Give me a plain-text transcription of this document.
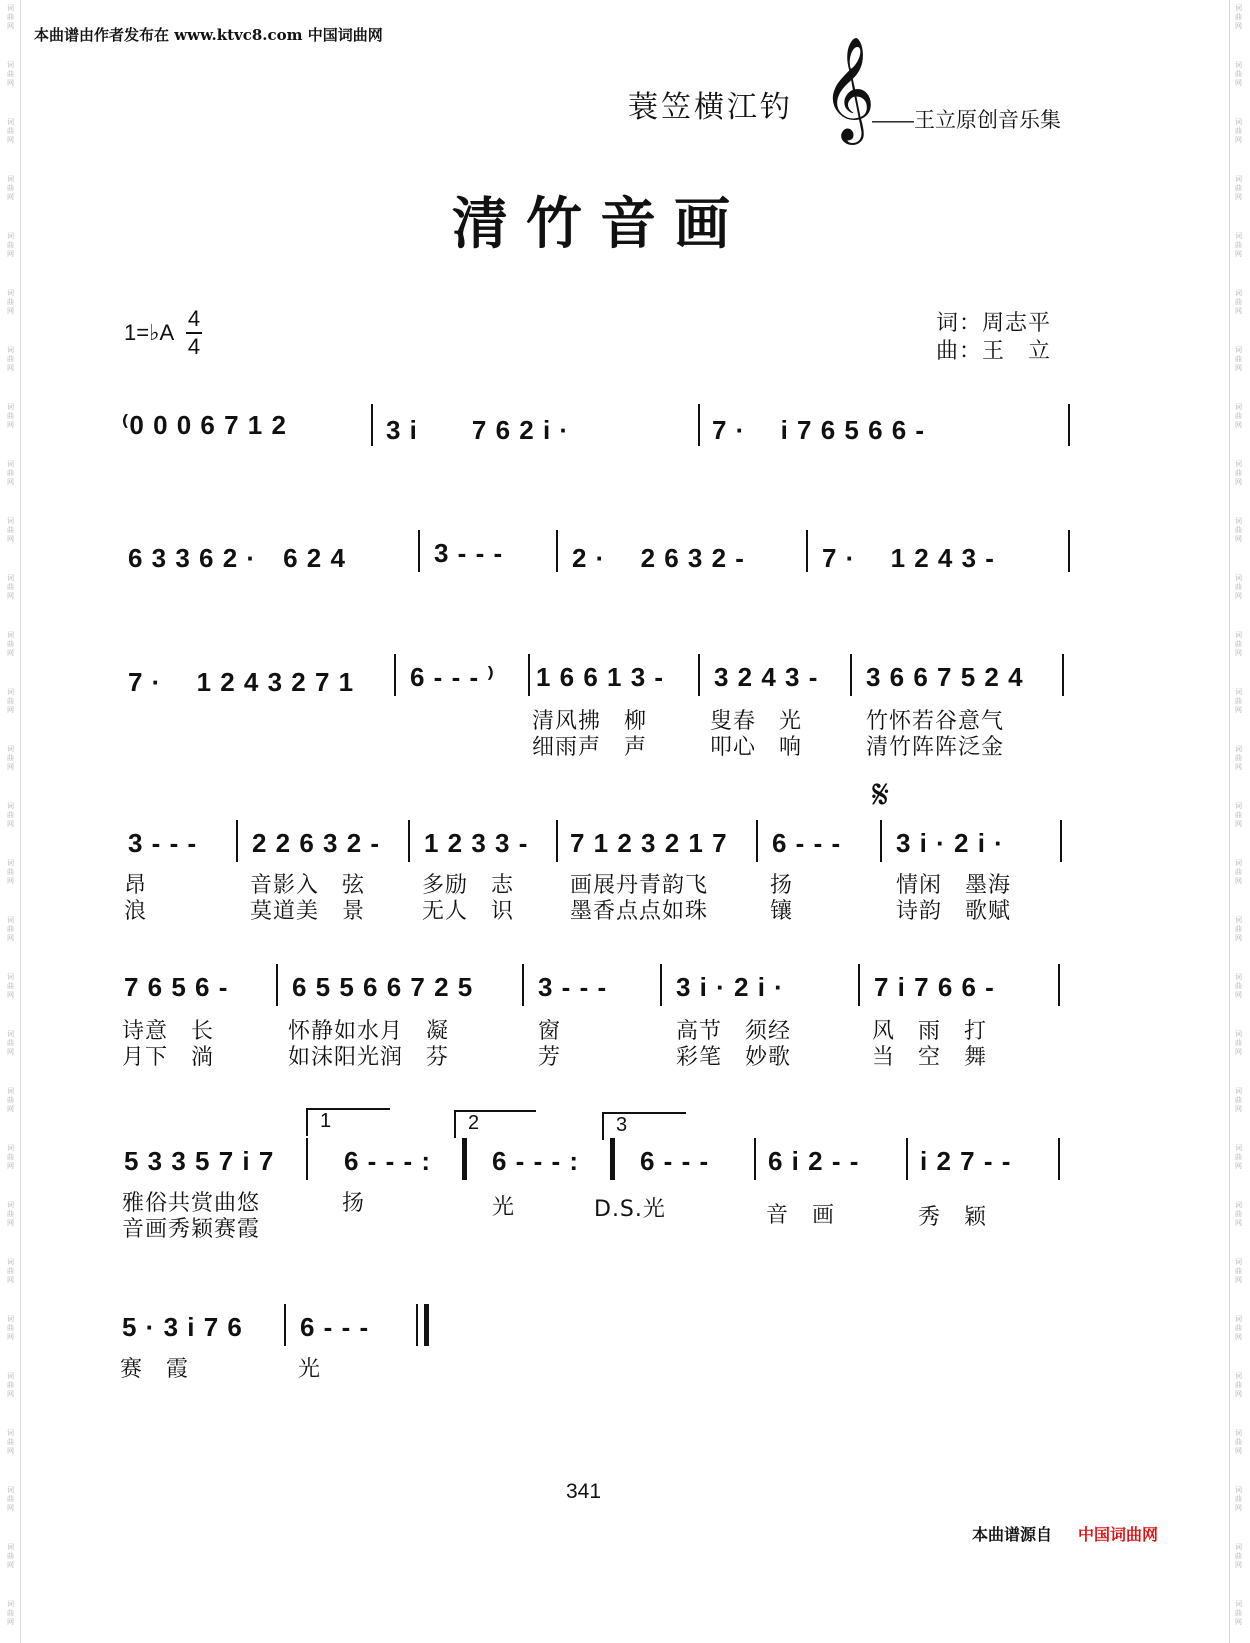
词
曲
网
词
曲
网
词
曲
网
词
曲
网
词
曲
网
词
曲
网
词
曲
网
词
曲
网
词
曲
网
词
曲
网
词
曲
网
词
曲
网
词
曲
网
词
曲
网
词
曲
网
词
曲
网
词
曲
网
词
曲
网
词
曲
网
词
曲
网
词
曲
网
词
曲
网
词
曲
网
词
曲
网
词
曲
网
词
曲
网
词
曲
网
词
曲
网
词
曲
网
词
曲
网
词
曲
网
词
曲
网
词
曲
网
词
曲
网
词
曲
网
词
曲
网
词
曲
网
词
曲
网
词
曲
网
词
曲
网
词
曲
网
词
曲
网
词
曲
网
词
曲
网
词
曲
网
词
曲
网
词
曲
网
词
曲
网
词
曲
网
词
曲
网
词
曲
网
词
曲
网
词
曲
网
词
曲
网
词
曲
网
词
曲
网
词
曲
网
词
曲
网
本曲谱由作者发布在 www.ktvc8.com 中国词曲网
蓑笠横江钓 𝄞
——王立原创音乐集
清竹音画
1=♭A
4
4
词：周志平
曲：王　立
⁽0 0 0 6 7 1 2	3 i　　7 6 2 i ·	7 ·　 i 7 6 5 6 6 -
6 3 3 6 2 ·　6 2 4	3 - - -	2 ·　 2 6 3 2 -	7 ·　 1 2 4 3 -
7 ·　 1 2 4 3 2 7 1 6 - - - ⁾ 1 6 6 1 3 - 3 2 4 3 - 3 6 6 7 5 2 4
清风拂　柳	叟春　光	竹怀若谷意气
细雨声　声	叩心　响	清竹阵阵泛金
𝄋
3 - - - 2 2 6 3 2 - 1 2 3 3 - 7 1 2 3 2 1 7 6 - - - 3 i · 2 i ·
昂	音影入　弦	多励　志	画展丹青韵飞	扬	情闲　墨海
浪	莫道美　景	无人　识	墨香点点如珠	镶	诗韵　歌赋
7 6 5 6 - 6 5 5 6 6 7 2 5 3 - - -	3 i · 2 i ·	7 i 7 6 6 -
诗意　长	怀静如水月　凝	窗	高节　须经	风　雨　打
月下　淌	如沫阳光润　芬	芳	彩笔　妙歌	当　空　舞
1	2	3
5 3 3 5 7 i 7	6 - - - : 6 - - - : 6 - - - 6 i 2 - - i 2 7 - -
雅俗共赏曲悠	扬	光	D.S.光	音　画	秀　颖
音画秀颖赛霞
5 · 3 i 7 6 6 - - -
赛　霞	光
341
本曲谱源自 中国词曲网
